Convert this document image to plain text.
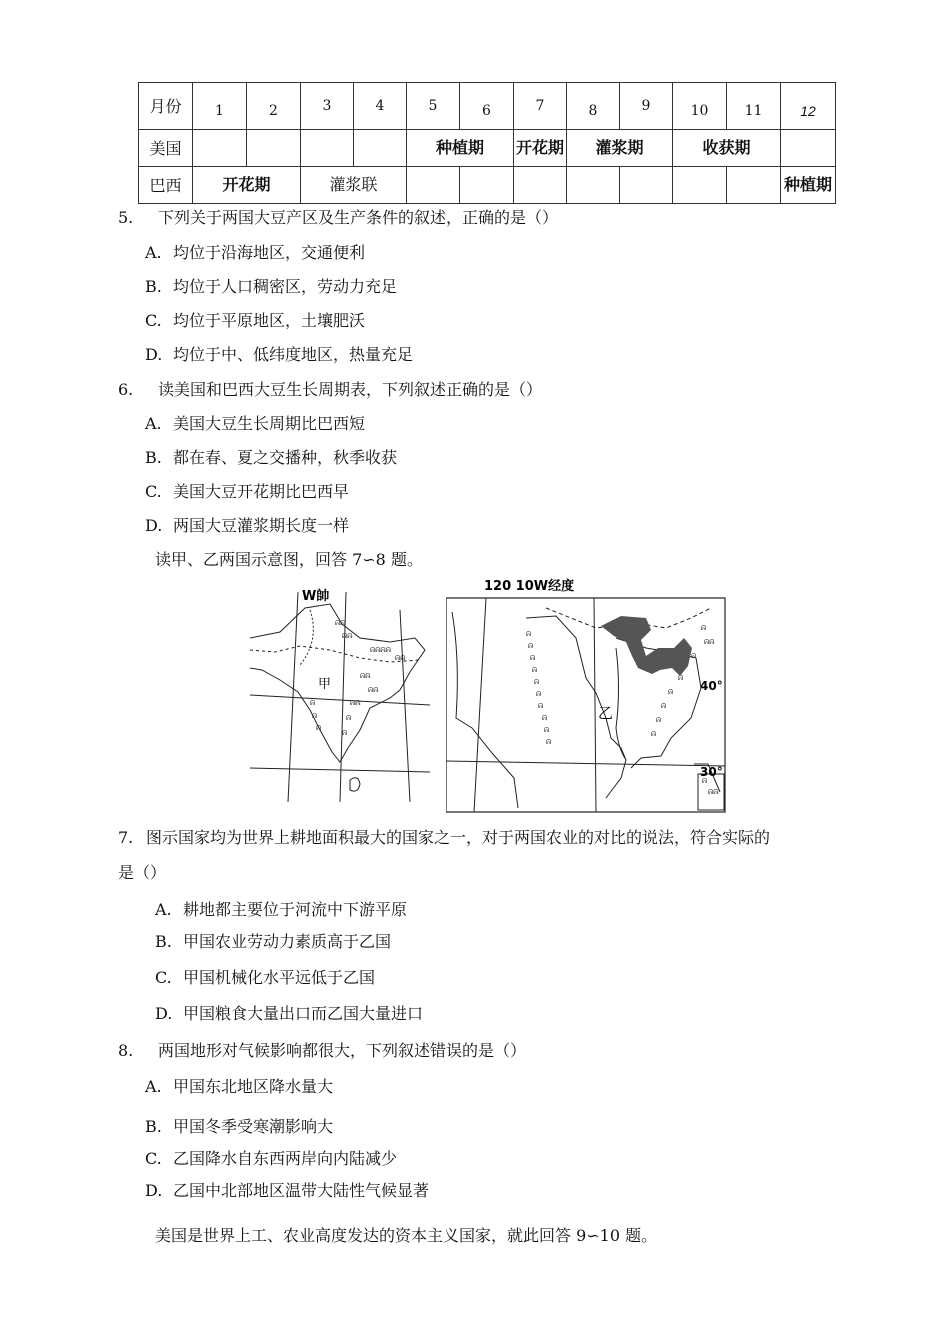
月份	1	2	3	4	5	6	7	8	9	10	11	12
美国					种植期		开花期	灌浆期		收获期		
巴西	开花期		灌浆联									种植期
5. 下列关于两国大豆产区及生产条件的叙述，正确的是（）
A. 均位于沿海地区，交通便利
B. 均位于人口稠密区，劳动力充足
C. 均位于平原地区，土壤肥沃
D. 均位于中、低纬度地区，热量充足
6. 读美国和巴西大豆生长周期表，下列叙述正确的是（）
A. 美国大豆生长周期比巴西短
B. 都在春、夏之交播种，秋季收获
C. 美国大豆开花期比巴西早
D. 两国大豆灌浆期长度一样
读甲、乙两国示意图，回答 7∽8 题。
W帥
ᕱᕱ
ᕱᕱ
ᕱᕱᕱᕱ
ᕱᕱ
ᕱᕱ
ᕱᕱ
ᕱᕱ
ᕱ
ᕱ
ᕱ
ᕱ
ᕱ
甲
120 10W经度
ᕱ
ᕱ
ᕱ
ᕱ
ᕱ
ᕱ
ᕱ
ᕱ
ᕱ
ᕱ
ᕱ
ᕱᕱ
ᕱ
ᕱ
ᕱ
ᕱ
ᕱ
ᕱ
ᕱ
ᕱᕱ
乙
40°
30°
7. 图示国家均为世界上耕地面积最大的国家之一，对于两国农业的对比的说法，符合实际的
是（）
A. 耕地都主要位于河流中下游平原
B. 甲国农业劳动力素质高于乙国
C. 甲国机械化水平远低于乙国
D. 甲国粮食大量出口而乙国大量进口
8. 两国地形对气候影响都很大，下列叙述错误的是（）
A. 甲国东北地区降水量大
B. 甲国冬季受寒潮影响大
C. 乙国降水自东西两岸向内陆减少
D. 乙国中北部地区温带大陆性气候显著
美国是世界上工、农业高度发达的资本主义国家，就此回答 9∽10 题。
